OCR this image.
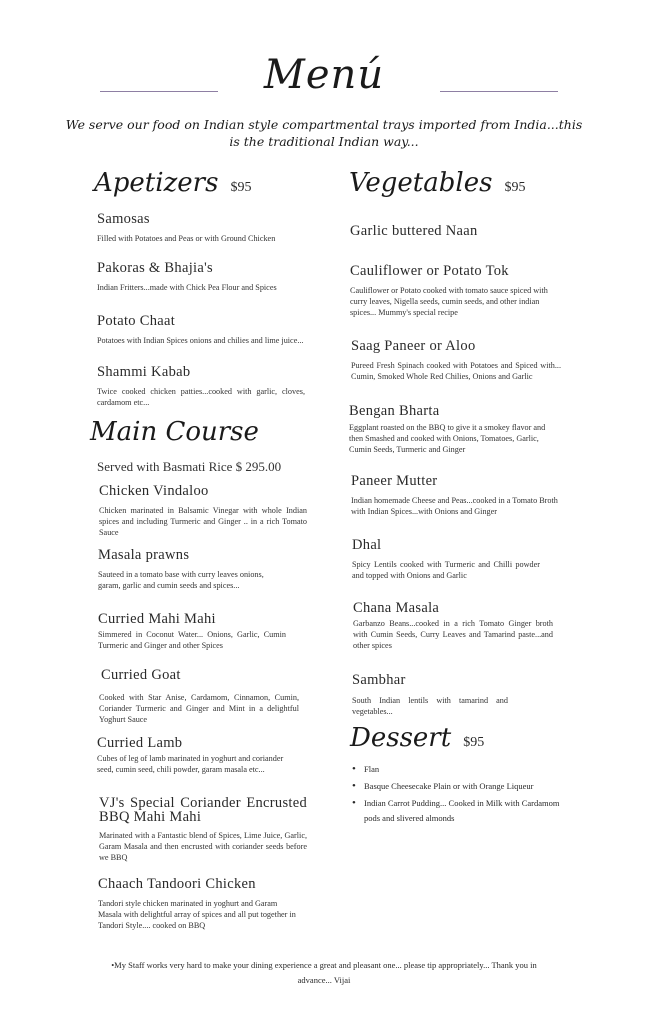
Menú
We serve our food on Indian style compartmental trays imported from India...this is the traditional Indian way...
Apetizers $95
Samosas
Filled with Potatoes and Peas or with Ground Chicken
Pakoras & Bhajia's
Indian Fritters...made with Chick Pea Flour and Spices
Potato Chaat
Potatoes with Indian Spices onions and chilies and lime juice...
Shammi Kabab
Twice cooked chicken patties...cooked with garlic, cloves, cardamom etc...
Main Course
Served with Basmati Rice $ 295.00
Chicken Vindaloo
Chicken marinated in Balsamic Vinegar with whole Indian spices and including Turmeric and Ginger .. in a rich Tomato Sauce
Masala prawns
Sauteed in a tomato base with curry leaves onions, garam, garlic and cumin seeds and spices...
Curried Mahi Mahi
Simmered in Coconut Water... Onions, Garlic, Cumin Turmeric and Ginger and other Spices
Curried Goat
Cooked with Star Anise, Cardamom, Cinnamon, Cumin, Coriander Turmeric and Ginger and Mint in a delightful Yoghurt Sauce
Curried Lamb
Cubes of leg of lamb marinated in yoghurt and coriander seed, cumin seed, chili powder, garam masala etc...
VJ's Special Coriander Encrusted BBQ Mahi Mahi
Marinated with a Fantastic blend of Spices, Lime Juice, Garlic, Garam Masala and then encrusted with coriander seeds before we BBQ
Chaach Tandoori Chicken
Tandori style chicken marinated in yoghurt and Garam Masala with delightful array of spices and all put together in Tandori Style.... cooked on BBQ
Vegetables $95
Garlic buttered Naan
Cauliflower or Potato Tok
Cauliflower or Potato cooked with tomato sauce spiced with curry leaves, Nigella seeds, cumin seeds, and other indian spices... Mummy's special recipe
Saag Paneer or Aloo
Pureed Fresh Spinach cooked with Potatoes and Spiced with... Cumin, Smoked Whole Red Chilies, Onions and Garlic
Bengan Bharta
Eggplant roasted on the BBQ to give it a smokey flavor and then Smashed and cooked with Onions, Tomatoes, Garlic, Cumin Seeds, Turmeric and Ginger
Paneer Mutter
Indian homemade Cheese and Peas...cooked in a Tomato Broth with Indian Spices...with Onions and Ginger
Dhal
Spicy Lentils cooked with Turmeric and Chilli powder and topped with Onions and Garlic
Chana Masala
Garbanzo Beans...cooked in a rich Tomato Ginger broth with Cumin Seeds, Curry Leaves and Tamarind paste...and other spices
Sambhar
South Indian lentils with tamarind and vegetables...
Dessert $95
• Flan
• Basque Cheesecake Plain or with Orange Liqueur
• Indian Carrot Pudding... Cooked in Milk with Cardamom pods and slivered almonds
•My Staff works very hard to make your dining experience a great and pleasant one... please tip appropriately... Thank you in advance... Vijai
